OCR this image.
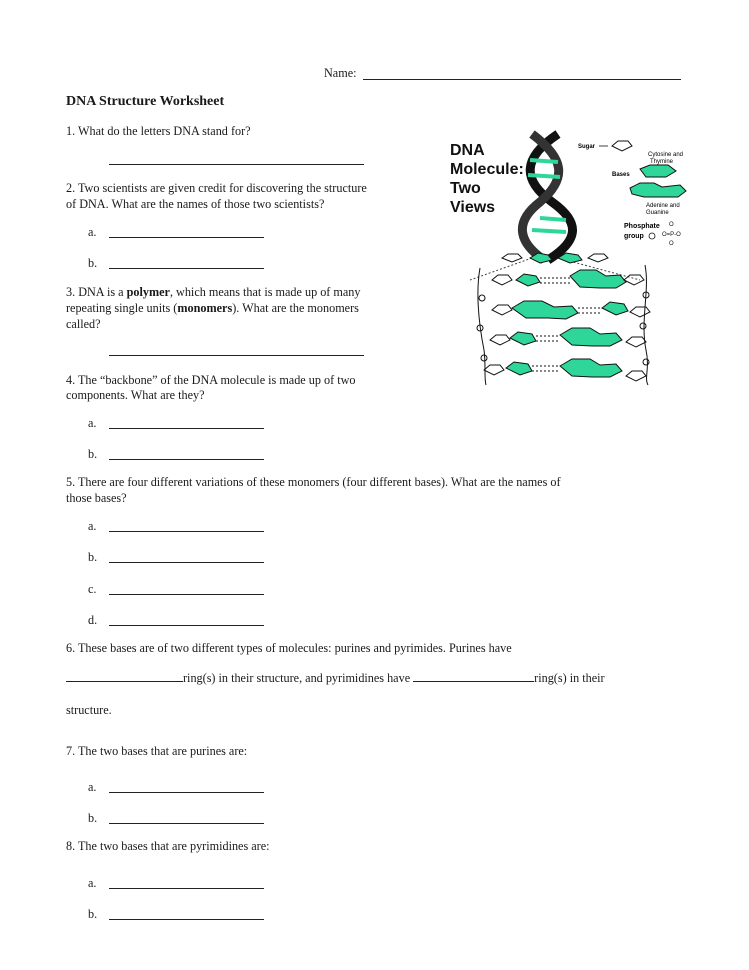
Name:
DNA Structure Worksheet
1. What do the letters DNA stand for?
2. Two scientists are given credit for discovering the structure
of DNA. What are the names of those two scientists?
a.
b.
3. DNA is a polymer, which means that is made up of many
repeating single units (monomers). What are the monomers
called?
4. The “backbone” of the DNA molecule is made up of two
components. What are they?
a.
b.
5. There are four different variations of these monomers (four different bases). What are the names of
those bases?
a.
b.
c.
d.
6. These bases are of two different types of molecules: purines and pyrimides. Purines have
ring(s) in their structure, and pyrimidines have	ring(s) in their
structure.
7. The two bases that are purines are:
a.
b.
8. The two bases that are pyrimidines are:
a.
b.
DNA
Molecule:
Two
Views
Sugar
Cytosine and
Thymine
Bases
Adenine and
Guanine
Phosphate
group
O
O=P-O
O
